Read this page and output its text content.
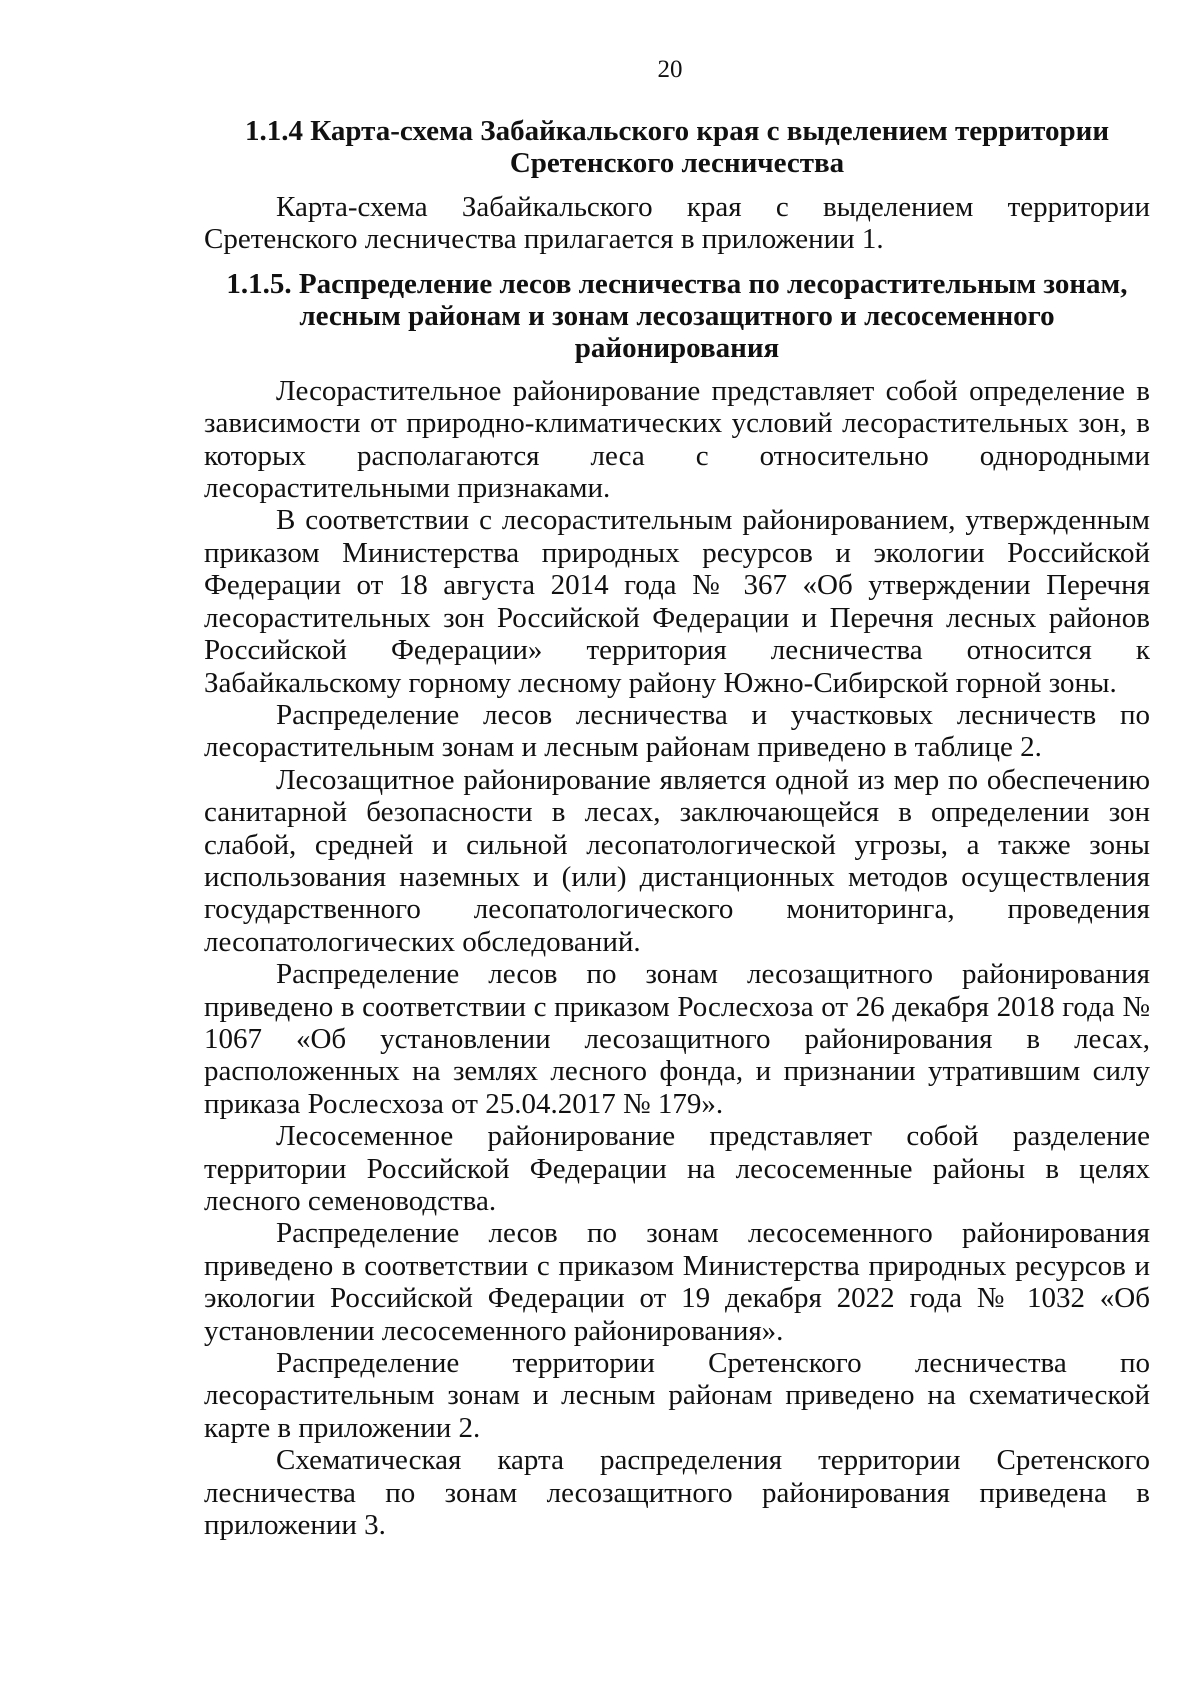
20
1.1.4 Карта-схема Забайкальского края с выделением территории Сретенского лесничества

Карта-схема Забайкальского края с выделением территории Сретенского лесничества прилагается в приложении 1.

1.1.5. Распределение лесов лесничества по лесорастительным зонам, лесным районам и зонам лесозащитного и лесосеменного районирования

Лесорастительное районирование представляет собой определение в зависимости от природно-климатических условий лесорастительных зон, в которых располагаются леса с относительно однородными лесорастительными признаками.

В соответствии с лесорастительным районированием, утвержденным приказом Министерства природных ресурсов и экологии Российской Федерации от 18 августа 2014 года № 367 «Об утверждении Перечня лесорастительных зон Российской Федерации и Перечня лесных районов Российской Федерации» территория лесничества относится к Забайкальскому горному лесному району Южно-Сибирской горной зоны.

Распределение лесов лесничества и участковых лесничеств по лесорастительным зонам и лесным районам приведено в таблице 2.

Лесозащитное районирование является одной из мер по обеспечению санитарной безопасности в лесах, заключающейся в определении зон слабой, средней и сильной лесопатологической угрозы, а также зоны использования наземных и (или) дистанционных методов осуществления государственного лесопатологического мониторинга, проведения лесопатологических обследований.

Распределение лесов по зонам лесозащитного районирования приведено в соответствии с приказом Рослесхоза от 26 декабря 2018 года № 1067 «Об установлении лесозащитного районирования в лесах, расположенных на землях лесного фонда, и признании утратившим силу приказа Рослесхоза от 25.04.2017 № 179».

Лесосеменное районирование представляет собой разделение территории Российской Федерации на лесосеменные районы в целях лесного семеноводства.

Распределение лесов по зонам лесосеменного районирования приведено в соответствии с приказом Министерства природных ресурсов и экологии Российской Федерации от 19 декабря 2022 года № 1032 «Об установлении лесосеменного районирования».

Распределение территории Сретенского лесничества по лесорастительным зонам и лесным районам приведено на схематической карте в приложении 2.

Схематическая карта распределения территории Сретенского лесничества по зонам лесозащитного районирования приведена в приложении 3.
